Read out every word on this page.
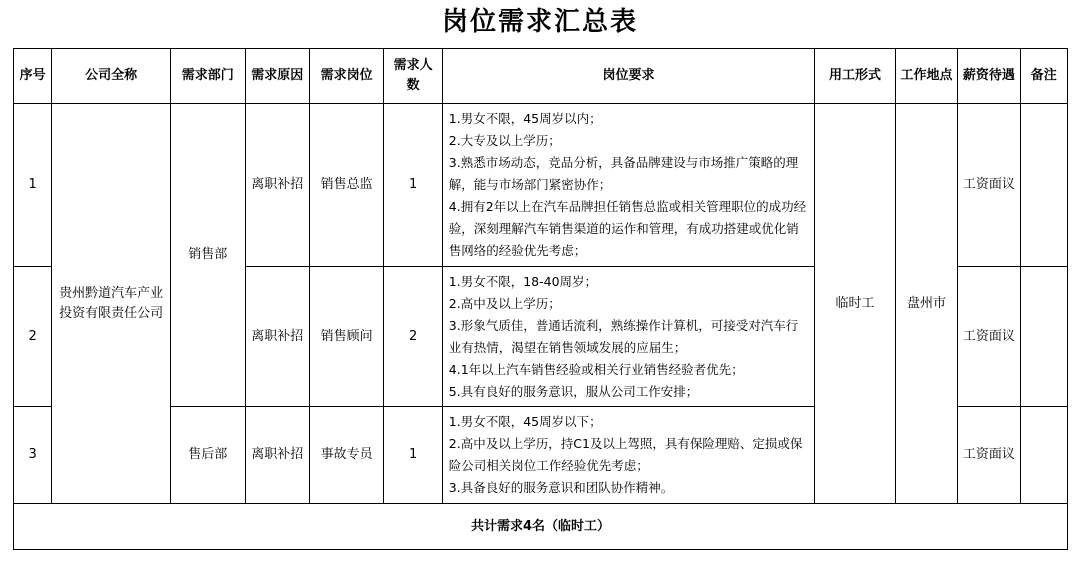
岗位需求汇总表
序号	公司全称	需求部门	需求原因	需求岗位	需求人数	岗位要求	用工形式	工作地点	薪资待遇	备注
1	贵州黔道汽车产业投资有限责任公司	销售部	离职补招	销售总监	1	1.男女不限，45周岁以内；
2.大专及以上学历；
3.熟悉市场动态，竞品分析，具备品牌建设与市场推广策略的理解，能与市场部门紧密协作；
4.拥有2年以上在汽车品牌担任销售总监或相关管理职位的成功经验，深刻理解汽车销售渠道的运作和管理，有成功搭建或优化销售网络的经验优先考虑；	临时工	盘州市	工资面议	
2			离职补招	销售顾问	2	1.男女不限，18-40周岁；
2.高中及以上学历；
3.形象气质佳，普通话流利，熟练操作计算机，可接受对汽车行业有热情，渴望在销售领域发展的应届生；
4.1年以上汽车销售经验或相关行业销售经验者优先；
5.具有良好的服务意识，服从公司工作安排；			工资面议	
3		售后部	离职补招	事故专员	1	1.男女不限，45周岁以下；
2.高中及以上学历，持C1及以上驾照，具有保险理赔、定损或保险公司相关岗位工作经验优先考虑；
3.具备良好的服务意识和团队协作精神。			工资面议	
共计需求4名（临时工）										
